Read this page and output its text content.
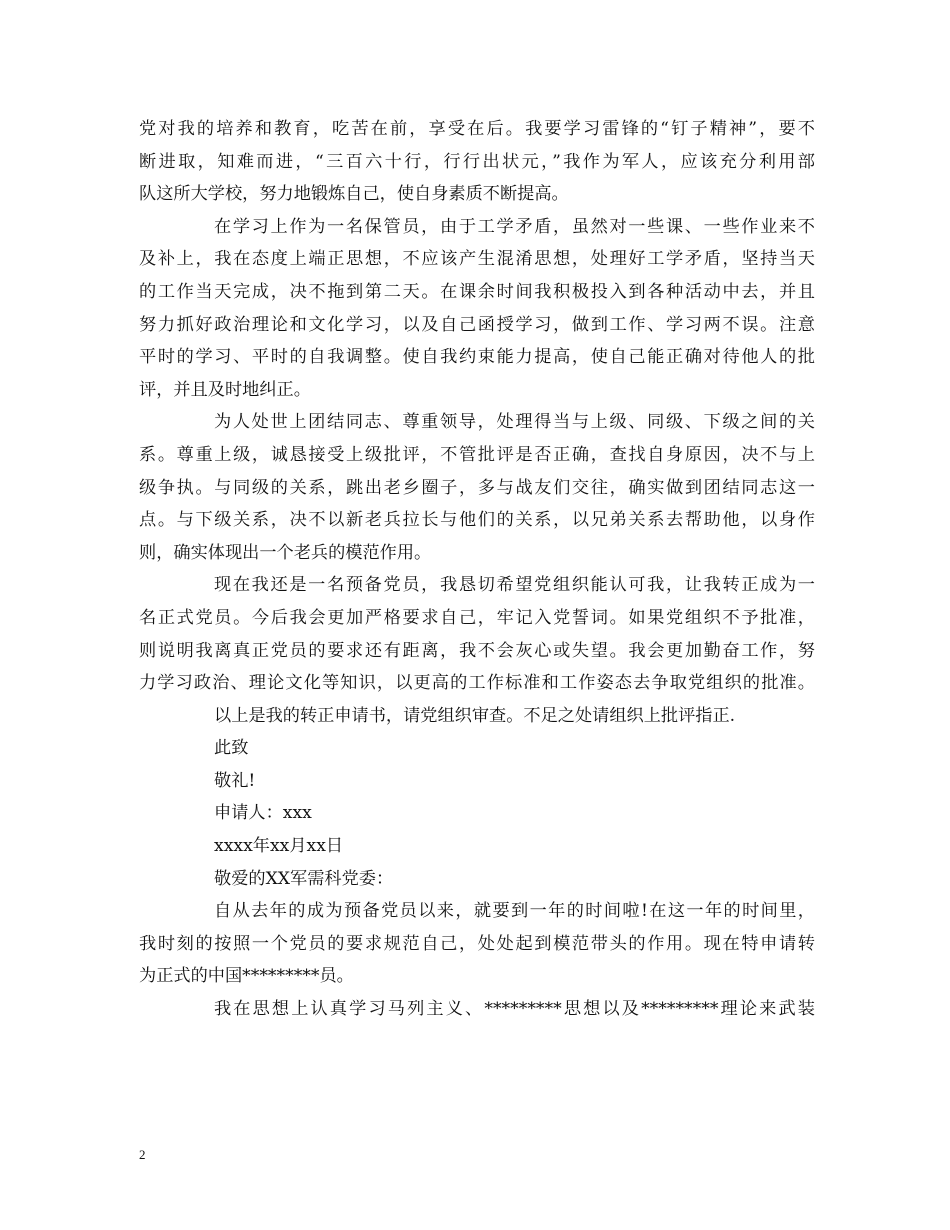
党对我的培养和教育，吃苦在前，享受在后。我要学习雷锋的“钉子精神”，要不
断进取，知难而进，“三百六十行，行行出状元，”我作为军人，应该充分利用部
队这所大学校，努力地锻炼自己，使自身素质不断提高。
在学习上作为一名保管员，由于工学矛盾，虽然对一些课、一些作业来不
及补上，我在态度上端正思想，不应该产生混淆思想，处理好工学矛盾，坚持当天
的工作当天完成，决不拖到第二天。在课余时间我积极投入到各种活动中去，并且
努力抓好政治理论和文化学习，以及自己函授学习，做到工作、学习两不误。注意
平时的学习、平时的自我调整。使自我约束能力提高，使自己能正确对待他人的批
评，并且及时地纠正。
为人处世上团结同志、尊重领导，处理得当与上级、同级、下级之间的关
系。尊重上级，诚恳接受上级批评，不管批评是否正确，查找自身原因，决不与上
级争执。与同级的关系，跳出老乡圈子，多与战友们交往，确实做到团结同志这一
点。与下级关系，决不以新老兵拉长与他们的关系，以兄弟关系去帮助他，以身作
则，确实体现出一个老兵的模范作用。
现在我还是一名预备党员，我恳切希望党组织能认可我，让我转正成为一
名正式党员。今后我会更加严格要求自己，牢记入党誓词。如果党组织不予批准，
则说明我离真正党员的要求还有距离，我不会灰心或失望。我会更加勤奋工作，努
力学习政治、理论文化等知识，以更高的工作标准和工作姿态去争取党组织的批准。
以上是我的转正申请书，请党组织审查。不足之处请组织上批评指正.
此致
敬礼!
申请人：xxx
xxxx年xx月xx日
敬爱的XX军需科党委：
自从去年的成为预备党员以来，就要到一年的时间啦!在这一年的时间里，
我时刻的按照一个党员的要求规范自己，处处起到模范带头的作用。现在特申请转
为正式的中国*********员。
我在思想上认真学习马列主义、*********思想以及*********理论来武装
2
